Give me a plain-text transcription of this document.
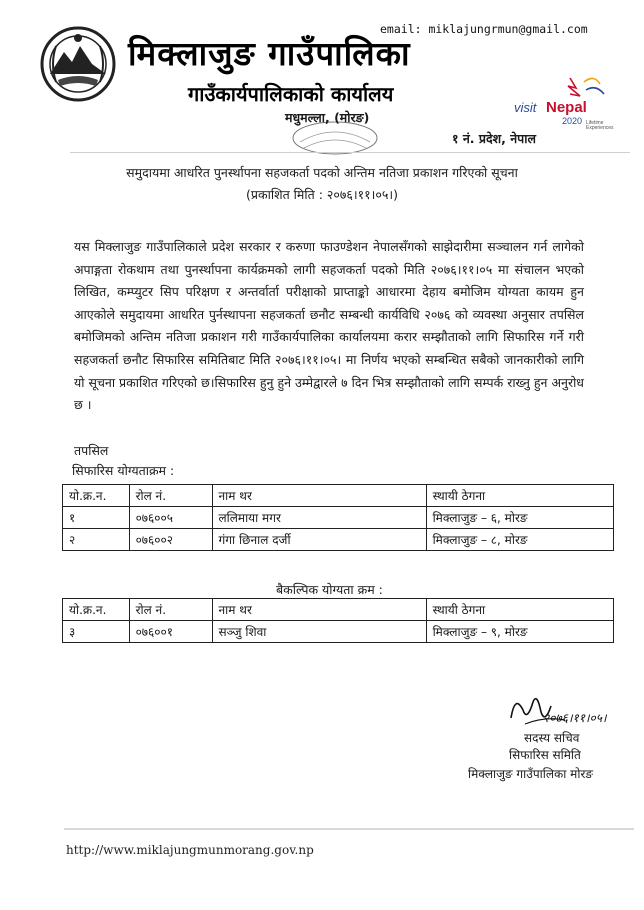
email: miklajungrmun@gmail.com
मिक्लाजुङ गाउँपालिका
गाउँकार्यपालिकाको कार्यालय
मधुमल्ला, (मोरङ)
१ नं. प्रदेश, नेपाल
visit Nepal
2020 Lifetime
Experiences
समुदायमा आधरित पुनर्स्थापना सहजकर्ता पदको अन्तिम नतिजा प्रकाशन गरिएको सूचना
(प्रकाशित मिति : २०७६।११।०५।)

यस मिक्लाजुङ गाउँपालिकाले प्रदेश सरकार र करुणा फाउण्डेशन नेपालसँगको साझेदारीमा सञ्चालन गर्न लागेको अपाङ्गता रोकथाम तथा पुनर्स्थापना कार्यक्रमको लागी सहजकर्ता पदको मिति २०७६।११।०५ मा संचालन भएको लिखित, कम्प्युटर सिप परिक्षण र अन्तर्वार्ता परीक्षाको प्राप्ताङ्को आधारमा देहाय बमोजिम योग्यता कायम हुन आएकोले समुदायमा आधरित पुर्नस्थापना सहजकर्ता छनौट सम्बन्धी कार्यविधि २०७६ को व्यवस्था अनुसार तपसिल बमोजिमको अन्तिम नतिजा प्रकाशन गरी गाउँकार्यपालिका कार्यालयमा करार सम्झौताको लागि सिफारिस गर्ने गरी सहजकर्ता छनौट सिफारिस समितिबाट मिति २०७६।११।०५। मा निर्णय भएको सम्बन्धित सबैको जानकारीको लागि यो सूचना प्रकाशित गरिएको छ।सिफारिस हुनु हुने उम्मेद्वारले ७ दिन भित्र सम्झौताको लागि सम्पर्क राख्नु हुन अनुरोध छ ।

तपसिल
सिफारिस योग्यताक्रम :
यो.क्र.न.	रोल नं.	नाम थर	स्थायी ठेगना
१	०७६००५	ललिमाया मगर	मिक्लाजुङ – ६, मोरङ
२	०७६००२	गंगा छिनाल दर्जी	मिक्लाजुङ – ८, मोरङ
बैकल्पिक योग्यता क्रम :
यो.क्र.न.	रोल नं.	नाम थर	स्थायी ठेगना
३	०७६००१	सञ्जु शिवा	मिक्लाजुङ – ९, मोरङ
२०७६।११।०५।
सदस्य सचिव
सिफारिस समिति
मिक्लाजुङ गाउँपालिका मोरङ
http://www.miklajungmunmorang.gov.np
